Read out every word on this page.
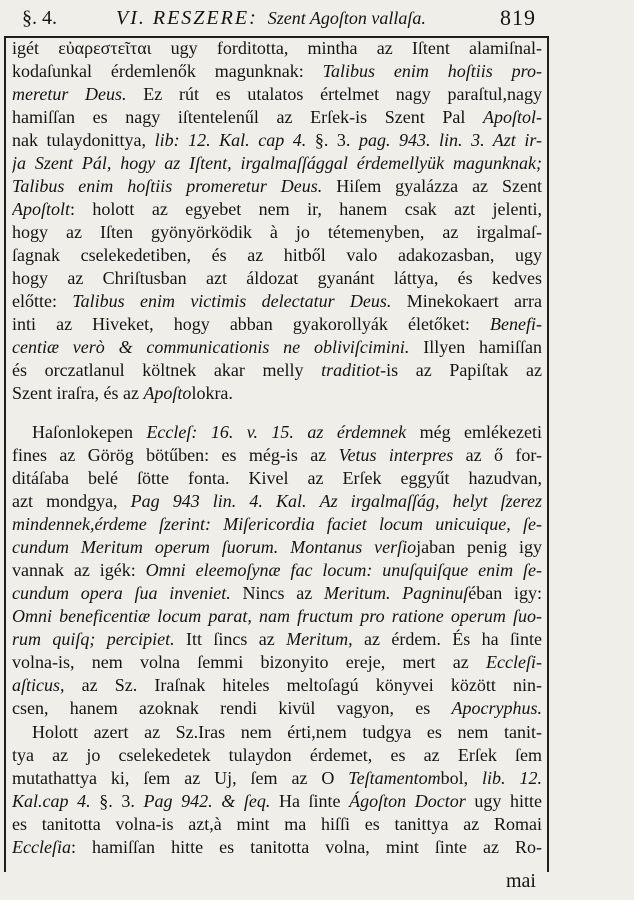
§. 4.	VI. RESZERE: Szent Agoſton vallaſa.	819
igét εὐαρεστεῖται ugy forditotta, mintha az Iſtent alamiſnal-
kodaſunkal érdemlenők magunknak: Talibus enim hoſtiis pro-
meretur Deus. Ez rút es utalatos értelmet nagy paraſtul,nagy
hamiſſan es nagy iſtentelenűl az Erſek-is Szent Pal Apoſtol-
nak tulaydonittya, lib: 12. Kal. cap 4. §. 3. pag. 943. lin. 3. Azt ir-
ja Szent Pál, hogy az Iſtent, irgalmaſſággal érdemellyük magunknak;
Talibus enim hoſtiis promeretur Deus. Hiſem gyalázza az Szent
Apoſtolt: holott az egyebet nem ir, hanem csak azt jelenti,
hogy az Iſten gyönyörködik à jo tétemenyben, az irgalmaſ-
ſagnak cselekedetiben, és az hitből valo adakozasban, ugy
hogy az Chriſtusban azt áldozat gyanánt láttya, és kedves
előtte: Talibus enim victimis delectatur Deus. Minekokaert arra
inti az Hiveket, hogy abban gyakorollyák életőket: Benefi-
centiæ verò & communicationis ne obliviſcimini. Illyen hamiſſan
és orczatlanul költnek akar melly traditiot-is az Papiſtak az
Szent iraſra, és az Apoſtolokra.
Haſonlokepen Eccleſ: 16. v. 15. az érdemnek még emlékezeti
fines az Görög bötűben: es még-is az Vetus interpres az ő for-
ditáſaba belé ſötte fonta. Kivel az Erſek eggyűt hazudvan,
azt mondgya, Pag 943 lin. 4. Kal. Az irgalmaſſág, helyt ſzerez
mindennek,érdeme ſzerint: Miſericordia faciet locum unicuique, ſe-
cundum Meritum operum ſuorum. Montanus verſiojaban penig igy
vannak az igék: Omni eleemoſynæ fac locum: unuſquiſque enim ſe-
cundum opera ſua inveniet. Nincs az Meritum. Pagninuſéban igy:
Omni beneficentiæ locum parat, nam fructum pro ratione operum ſuo-
rum quiſq; percipiet. Itt ſincs az Meritum, az érdem. És ha ſinte
volna-is, nem volna ſemmi bizonyito ereje, mert az Eccleſi-
aſticus, az Sz. Iraſnak hiteles meltoſagú könyvei között nin-
csen, hanem azoknak rendi kivül vagyon, es Apocryphus.
Holott azert az Sz.Iras nem érti,nem tudgya es nem tanit-
tya az jo cselekedetek tulaydon érdemet, es az Erſek ſem
mutathattya ki, ſem az Uj, ſem az O Teſtamentombol, lib. 12.
Kal.cap 4. §. 3. Pag 942. & ſeq. Ha ſinte Ágoſton Doctor ugy hitte
es tanitotta volna-is azt,à mint ma hiſſi es tanittya az Romai
Eccleſia: hamiſſan hitte es tanitotta volna, mint ſinte az Ro-
mai
